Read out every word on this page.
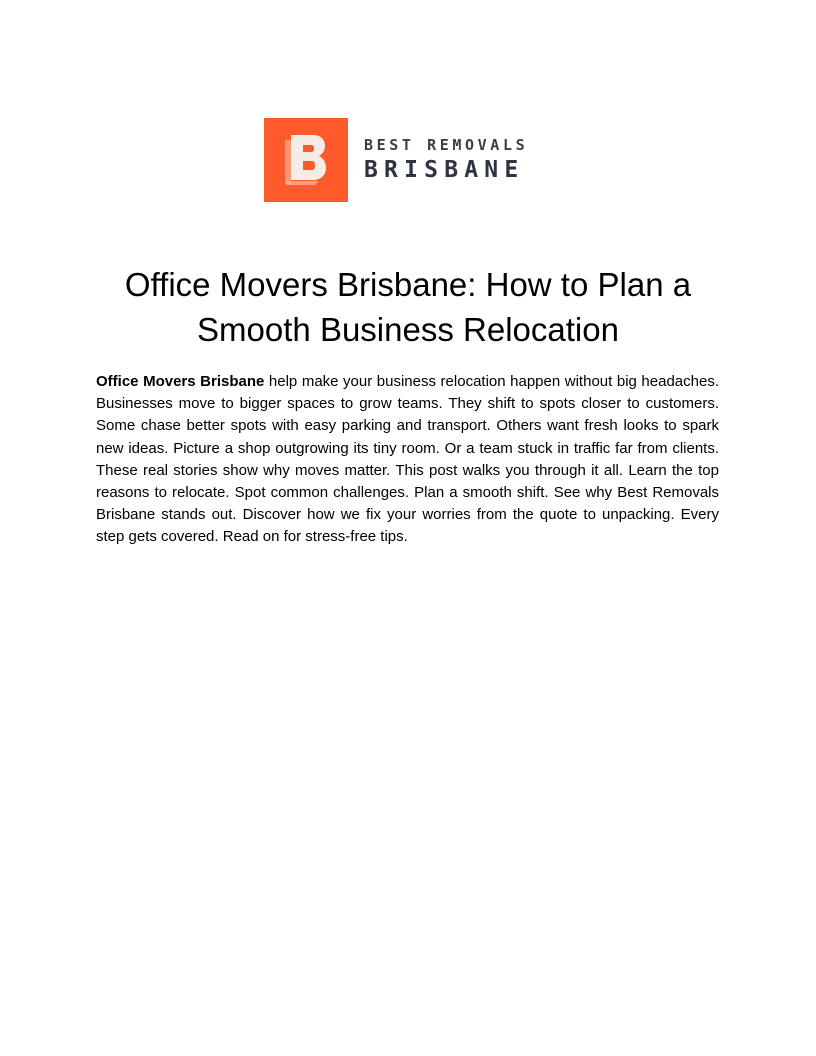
BEST REMOVALS
BRISBANE
Office Movers Brisbane: How to Plan a
Smooth Business Relocation

Office Movers Brisbane help make your business relocation happen without big headaches. Businesses move to bigger spaces to grow teams. They shift to spots closer to customers. Some chase better spots with easy parking and transport. Others want fresh looks to spark new ideas. Picture a shop outgrowing its tiny room. Or a team stuck in traffic far from clients. These real stories show why moves matter. This post walks you through it all. Learn the top reasons to relocate. Spot common challenges. Plan a smooth shift. See why Best Removals Brisbane stands out. Discover how we fix your worries from the quote to unpacking. Every step gets covered. Read on for stress-free tips.
